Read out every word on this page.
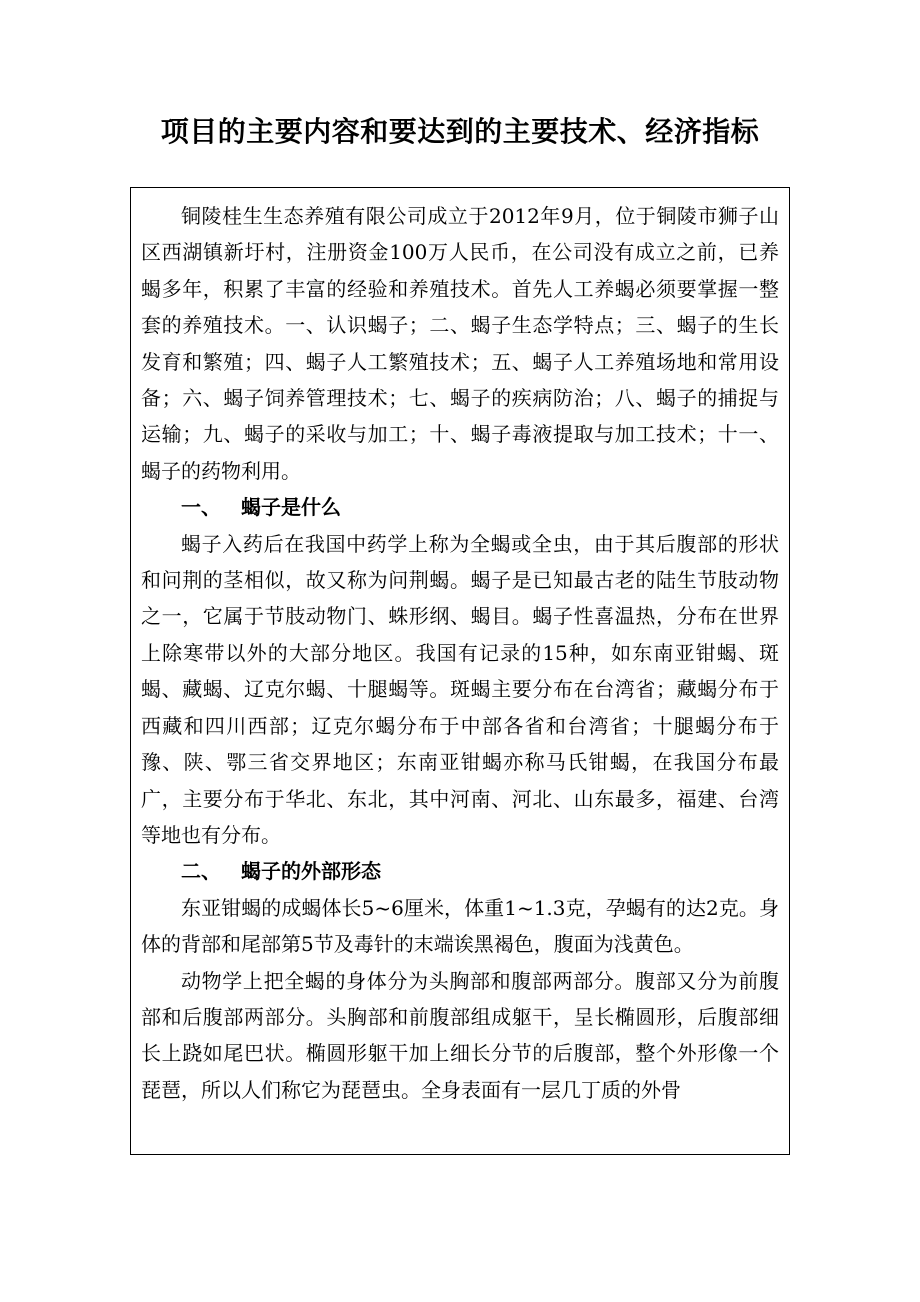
项目的主要内容和要达到的主要技术、经济指标

铜陵桂生生态养殖有限公司成立于2012年9月，位于铜陵市狮子山区西湖镇新圩村，注册资金100万人民币，在公司没有成立之前，已养蝎多年，积累了丰富的经验和养殖技术。首先人工养蝎必须要掌握一整套的养殖技术。一、认识蝎子；二、蝎子生态学特点；三、蝎子的生长发育和繁殖；四、蝎子人工繁殖技术；五、蝎子人工养殖场地和常用设备；六、蝎子饲养管理技术；七、蝎子的疾病防治；八、蝎子的捕捉与运输；九、蝎子的采收与加工；十、蝎子毒液提取与加工技术；十一、蝎子的药物利用。

一、 蝎子是什么

蝎子入药后在我国中药学上称为全蝎或全虫，由于其后腹部的形状和问荆的茎相似，故又称为问荆蝎。蝎子是已知最古老的陆生节肢动物之一，它属于节肢动物门、蛛形纲、蝎目。蝎子性喜温热，分布在世界上除寒带以外的大部分地区。我国有记录的15种，如东南亚钳蝎、斑蝎、藏蝎、辽克尔蝎、十腿蝎等。斑蝎主要分布在台湾省；藏蝎分布于西藏和四川西部；辽克尔蝎分布于中部各省和台湾省；十腿蝎分布于豫、陕、鄂三省交界地区；东南亚钳蝎亦称马氏钳蝎，在我国分布最广，主要分布于华北、东北，其中河南、河北、山东最多，福建、台湾等地也有分布。

二、 蝎子的外部形态

东亚钳蝎的成蝎体长5~6厘米，体重1~1.3克，孕蝎有的达2克。身体的背部和尾部第5节及毒针的末端诶黑褐色，腹面为浅黄色。

动物学上把全蝎的身体分为头胸部和腹部两部分。腹部又分为前腹部和后腹部两部分。头胸部和前腹部组成躯干，呈长椭圆形，后腹部细长上跷如尾巴状。椭圆形躯干加上细长分节的后腹部，整个外形像一个琵琶，所以人们称它为琵琶虫。全身表面有一层几丁质的外骨
